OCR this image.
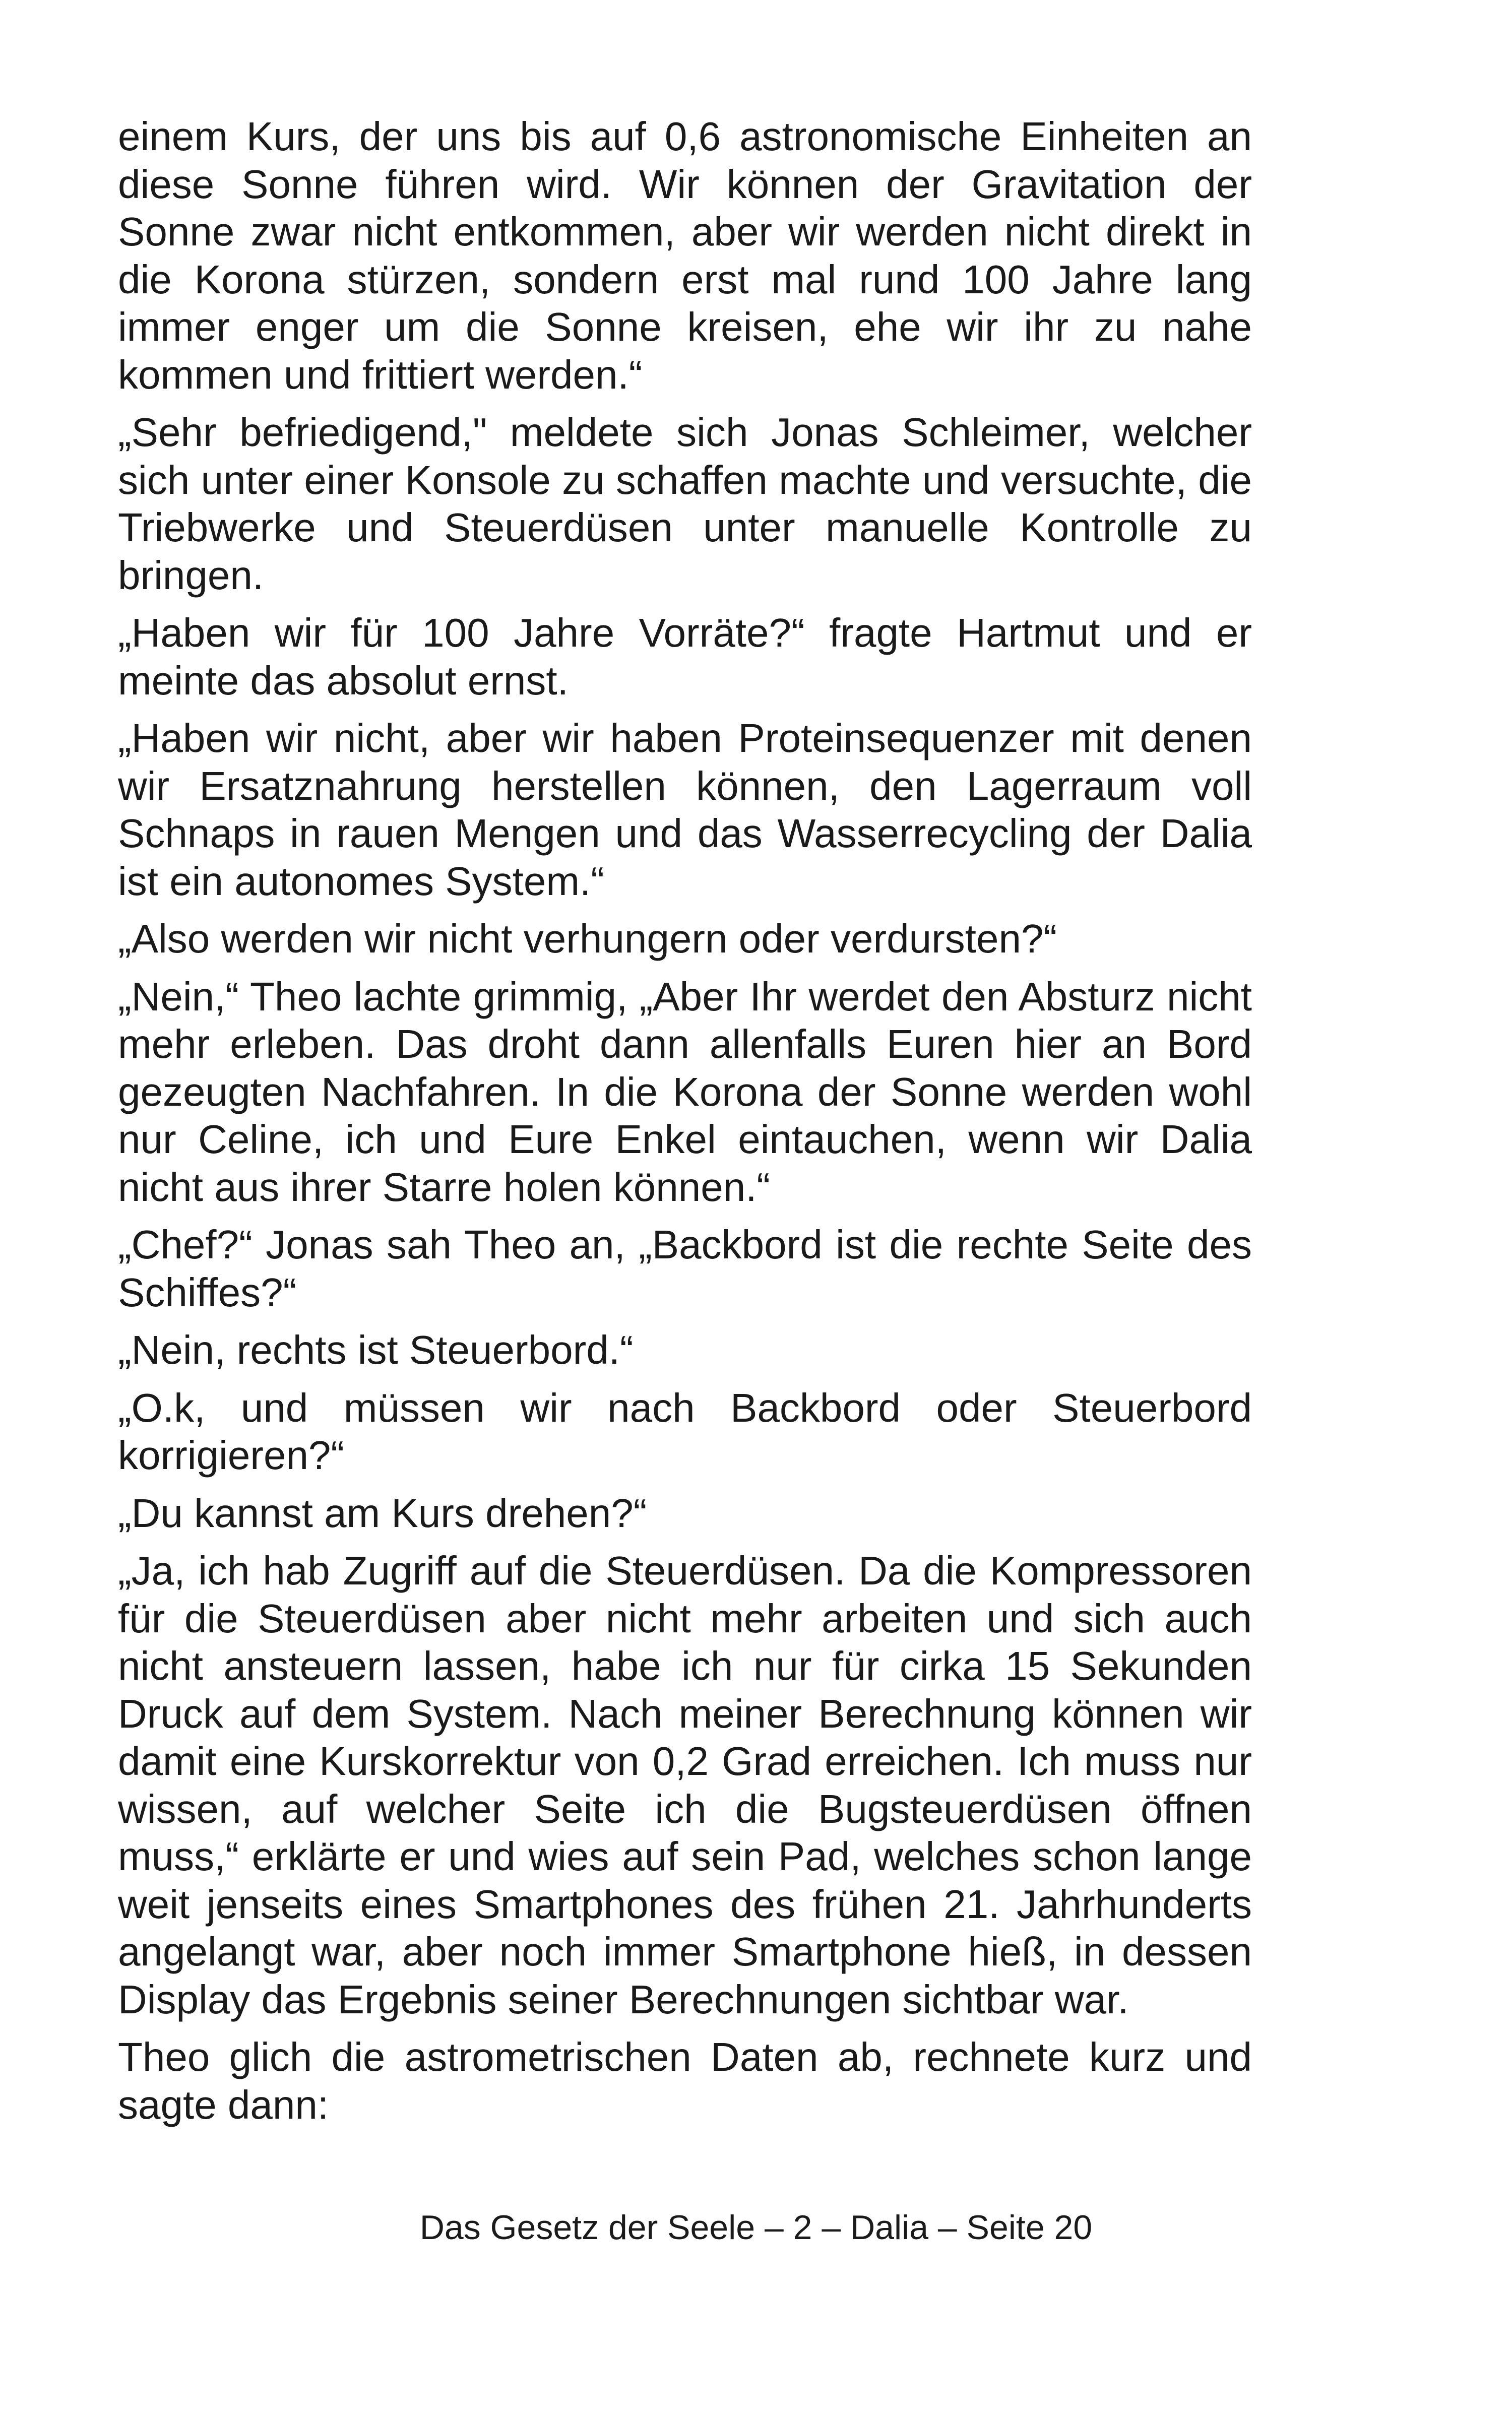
einem Kurs, der uns bis auf 0,6 astronomische Einheiten an diese Sonne führen wird. Wir können der Gravitation der Sonne zwar nicht entkommen, aber wir werden nicht direkt in die Korona stürzen, sondern erst mal rund 100 Jahre lang immer enger um die Sonne kreisen, ehe wir ihr zu nahe kommen und frittiert werden.“

„Sehr befriedigend," meldete sich Jonas Schleimer, welcher sich unter einer Konsole zu schaffen machte und versuchte, die Triebwerke und Steuerdüsen unter manuelle Kontrolle zu bringen.

„Haben wir für 100 Jahre Vorräte?“ fragte Hartmut und er meinte das absolut ernst.

„Haben wir nicht, aber wir haben Proteinsequenzer mit denen wir Ersatznahrung herstellen können, den Lagerraum voll Schnaps in rauen Mengen und das Wasserrecycling der Dalia ist ein autonomes System.“

„Also werden wir nicht verhungern oder verdursten?“

„Nein,“ Theo lachte grimmig, „Aber Ihr werdet den Absturz nicht mehr erleben. Das droht dann allenfalls Euren hier an Bord gezeugten Nachfahren. In die Korona der Sonne werden wohl nur Celine, ich und Eure Enkel eintauchen, wenn wir Dalia nicht aus ihrer Starre holen können.“

„Chef?“ Jonas sah Theo an, „Backbord ist die rechte Seite des Schiffes?“

„Nein, rechts ist Steuerbord.“

„O.k, und müssen wir nach Backbord oder Steuerbord korrigieren?“

„Du kannst am Kurs drehen?“

„Ja, ich hab Zugriff auf die Steuerdüsen. Da die Kompressoren für die Steuerdüsen aber nicht mehr arbeiten und sich auch nicht ansteuern lassen, habe ich nur für cirka 15 Sekunden Druck auf dem System. Nach meiner Berechnung können wir damit eine Kurskorrektur von 0,2 Grad erreichen. Ich muss nur wissen, auf welcher Seite ich die Bugsteuerdüsen öffnen muss,“ erklärte er und wies auf sein Pad, welches schon lange weit jenseits eines Smartphones des frühen 21. Jahrhunderts angelangt war, aber noch immer Smartphone hieß, in dessen Display das Ergebnis seiner Berechnungen sichtbar war.

Theo glich die astrometrischen Daten ab, rechnete kurz und sagte dann:

Das Gesetz der Seele – 2 – Dalia – Seite 20
